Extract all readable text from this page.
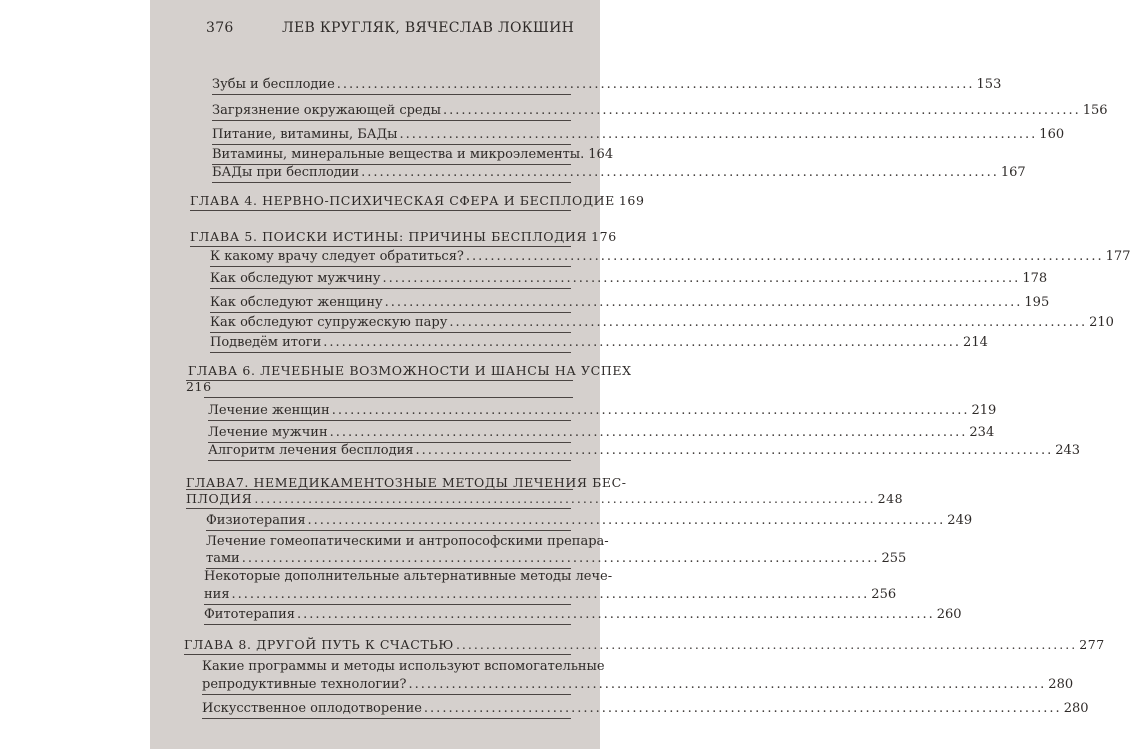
376	ЛЕВ КРУГЛЯК, ВЯЧЕСЛАВ ЛОКШИН
Зубы и бесплодие ........................................................................................................ 153
Загрязнение окружающей среды ........................................................................................................ 156
Питание, витамины, БАДы ........................................................................................................ 160
Витамины, минеральные вещества и микроэлементы. 164
БАДы при бесплодии ........................................................................................................ 167
ГЛАВА 4. НЕРВНО-ПСИХИЧЕСКАЯ СФЕРА И БЕСПЛОДИЕ 169
ГЛАВА 5. ПОИСКИ ИСТИНЫ: ПРИЧИНЫ БЕСПЛОДИЯ 176
К какому врачу следует обратиться? ........................................................................................................ 177
Как обследуют мужчину ........................................................................................................ 178
Как обследуют женщину ........................................................................................................ 195
Как обследуют супружескую пару ........................................................................................................ 210
Подведём итоги ........................................................................................................ 214
ГЛАВА 6. ЛЕЧЕБНЫЕ ВОЗМОЖНОСТИ И ШАНСЫ НА УСПЕХ
216
Лечение женщин ........................................................................................................ 219
Лечение мужчин ........................................................................................................ 234
Алгоритм лечения бесплодия ........................................................................................................ 243
ГЛАВА7. НЕМЕДИКАМЕНТОЗНЫЕ МЕТОДЫ ЛЕЧЕНИЯ БЕС-
ПЛОДИЯ ........................................................................................................ 248
Физиотерапия ........................................................................................................ 249
Лечение гомеопатическими и антропософскими препара-
тами ........................................................................................................ 255
Некоторые дополнительные альтернативные методы лече-
ния ........................................................................................................ 256
Фитотерапия ........................................................................................................ 260
ГЛАВА 8. ДРУГОЙ ПУТЬ К СЧАСТЬЮ ........................................................................................................ 277
Какие программы и методы используют вспомогательные
репродуктивные технологии? ........................................................................................................ 280
Искусственное оплодотворение ........................................................................................................ 280
